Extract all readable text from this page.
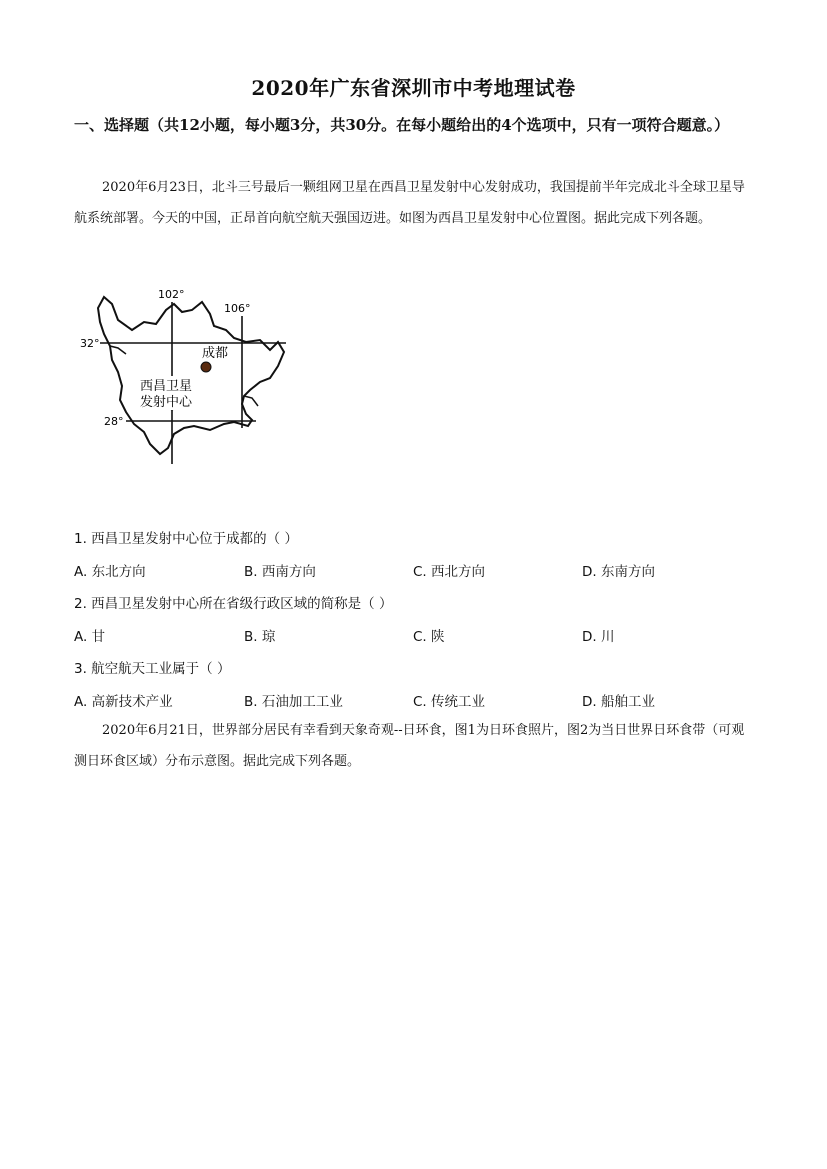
2020年广东省深圳市中考地理试卷
一、选择题（共12小题，每小题3分，共30分。在每小题给出的4个选项中，只有一项符合题意。）
2020年6月23日，北斗三号最后一颗组网卫星在西昌卫星发射中心发射成功，我国提前半年完成北斗全球卫星导航系统部署。今天的中国，正昂首向航空航天强国迈进。如图为西昌卫星发射中心位置图。据此完成下列各题。
102°
106°
32°
28°
成都
西昌卫星
发射中心
1. 西昌卫星发射中心位于成都的（ ）
A. 东北方向	B. 西南方向	C. 西北方向	D. 东南方向
2. 西昌卫星发射中心所在省级行政区域的简称是（ ）
A. 甘	B. 琼	C. 陕	D. 川
3. 航空航天工业属于（ ）
A. 高新技术产业	B. 石油加工工业	C. 传统工业	D. 船舶工业
2020年6月21日，世界部分居民有幸看到天象奇观--日环食，图1为日环食照片，图2为当日世界日环食带（可观测日环食区域）分布示意图。据此完成下列各题。
